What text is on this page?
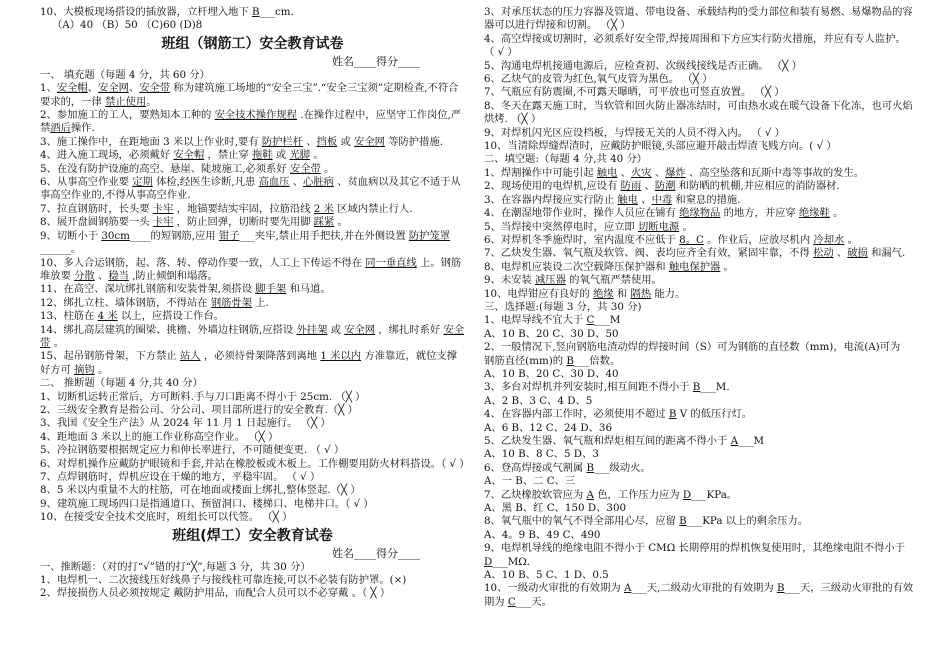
10、大模板现场搭设的插放器，立杆埋入地下 B___cm.
（A）40 （B）50 （C)60 (D)8
班组（钢筋工）安全教育试卷
姓名____得分____
一、 填充题（每题 4 分，共 60 分）
1、安全帽、安全网、安全带 称为建筑施工场地的“安全三宝”.“安全三宝须”定期检查,不符合要求的，一律 禁止使用。
2、参加施工的工人，要熟知本工种的 安全技术操作规程 .在操作过程中，应坚守工作岗位,严禁酒后操作.
3、施工操作中，在距地面 3 米以上作业时,要有 防护栏杆 、挡板 或 安全网 等防护措施.
4、进入施工现场，必须戴好 安全帽 ，禁止穿 拖鞋 或 光脚 。
5、在没有防护设施的高空、悬崖、陡坡施工,必须系好 安全带 。
6、从事高空作业要 定期 体检,经医生诊断,凡患 高血压 、心脏病 、贫血病以及其它不适于从事高空作业的,不得从事高空作业.
7、拉直钢筋时，长头要 卡牢 ，地锚要结实牢固，拉筋沿线 2 米 区域内禁止行人.
8、展开盘圆钢筋要一头 卡牢 ，防止回弹，切断时要先用脚 踩紧 。
9、切断小于 30cm____的短钢筋,应用 钳子___夹牢,禁止用手把扶,并在外侧设置 防护笼罩______。
10、多人合运钢筋，起、落、转、停动作要一致，人工上下传运不得在 同一垂直线 上。钢筋堆放要 分散 、稳当 ,防止倾倒和塌落。
11、在高空、深坑绑扎钢筋和安装骨架,须搭设 脚手架 和马道。
12、绑扎立柱、墙体钢筋，不得站在 钢筋骨架 上.
13、柱筋在 4 米 以上，应搭设工作台。
14、绑扎高层建筑的圈梁、挑檐、外墙边柱钢筋,应搭设 外挂架 或 安全网 ，绑扎时系好 安全带 。
15、起吊钢筋骨架，下方禁止 站人 ，必须待骨架降落到离地 1 米以内 方准靠近，就位支撑好方可 摘钩 。
二、 推断题（每题 4 分,共 40 分）
1、切断机运转正常后，方可断料.手与刀口距离不得小于 25cm. （╳ ）
2、三级安全教育是指公司、分公司、项目部所进行的安全教育.（╳ ）
3、我国《安全生产法》从 2024 年 11 月 1 日起施行。 （╳ ）
4、距地面 3 米以上的施工作业称高空作业。 （╳ ）
5、冷拉钢筋要根据规定应力和伸长率进行，不可随便变更. （ √ ）
6、对焊机操作应戴防护眼镜和手套,并站在橡胶板或木板上。工作棚要用防火材料搭设。（ √ ）
7、点焊钢筋时，焊机应设在干燥的地方，平稳牢固。 （ √ ）
8、5 米以内重量不大的柱筋，可在地面或楼面上绑扎,整体竖起.（╳ ）
9、建筑施工现场四口是指通道口、预留洞口、楼梯口、电梯井口。（ √ ）
10、在接受安全技术交底时，班组长可以代签。 （╳ ）
班组(焊工）安全教育试卷
姓名____得分____
一、推断题：（对的打“√”错的打“╳”,每题 3 分，共 30 分）
1、电焊机一、二次接线压好线鼻子与接线柱可靠连接,可以不必装有防护罩。(×)
2、焊接损伤人员必须按规定 戴防护用品，而配合人员可以不必穿戴 。（ ╳ ）
3、对承压状态的压力容器及管道、带电设备、承载结构的受力部位和装有易燃、易爆物品的容器可以进行焊接和切割。 （╳ ）
4、高空焊接或切割时，必须系好安全带,焊接周围和下方应实行防火措施，并应有专人监护。 （ √ ）
5、沟通电焊机接通电源后，应检查初、次级线接线是否正确。 （╳ ）
6、乙炔气的皮管为红色,氧气皮管为黑色。 （╳ ）
7、气瓶应有防震圈,不可露天曝晒，可平放也可竖直放置。 （╳ ）
8、冬天在露天施工时，当软管和回火防止器冻结时，可由热水或在暖气设备下化冻，也可火焰烘烤. （╳ ）
9、对焊机闪光区应设档板，与焊接无关的人员不得入内。 （ √ ）
10、当清除焊缝焊渣时，应戴防护眼镜,头部应避开敲击焊渣飞贱方向。( √ ）
二、填空题:（每题 4 分,共 40 分）
1、焊割操作中可能引起 触电 、火灾 、爆炸 、高空坠落和瓦斯中毒等事故的发生。
2、现场使用的电焊机,应设有 防雨 、防潮 和防晒的机棚,并应相应的消防器材.
3、在容器内焊接应实行防止 触电 、中毒 和窒息的措施.
4、在潮湿地带作业时，操作人员应在铺有 绝缘物品 的地方，并应穿 绝缘鞋 。
5、当焊接中突然停电时，应立即 切断电源 。
6、对焊机冬季施焊时，室内温度不应低于 8。C 。作业后，应放尽机内 冷却水 。
7、乙炔发生器、氧气瓶及软管、阀、表均应齐全有效，紧固牢靠，不得 松动 、破损 和漏气.
8、电焊机应装设二次空载降压保护器和 触电保护器 。
9、未安装 减压器 的氧气瓶严禁使用。
10、电焊钳应有良好的 绝缘 和 隔热 能力。
三、选择题:(每题 3 分，共 30 分)
1、电焊导线不宜大于 C___M
A、10 B、20 C、30 D、50
2、一般情况下,竖向钢筋电渣动焊的焊接时间（S）可为钢筋的直径数（mm)，电流(A)可为
钢筋直径(mm)的 B___倍数。
A、10 B、20 C、30 D、40
3、多台对焊机并列安装时,相互间距不得小于 B___M.
A、2 B、3 C、4 D、5
4、在容器内部工作时，必须使用不超过 B V 的低压行灯。
A、6 B、12 C、24 D、36
5、乙炔发生器、氧气瓶和焊炬相互间的距离不得小于 A___M
A、10 B、8 C、5 D、3
6、登高焊接或气割属 B___级动火。
A、一 B、二 C、三
7、乙炔橡胶软管应为 A 色，工作压力应为 D___KPa。
A、黑 B、红 C、150 D、300
8、氧气瓶中的氧气不得全部用心尽，应留 B___KPa 以上的剩余压力。
A、4。9 B、49 C、490
9、电焊机导线的绝缘电阻不得小于 CMΩ 长期停用的焊机恢复使用时，其绝缘电阻不得小于 D___MΩ.
A、10 B、5 C、1 D、0.5
10、一级动火审批的有效期为 A___天,二级动火审批的有效期为 B___天，三级动火审批的有效期为 C___天。
